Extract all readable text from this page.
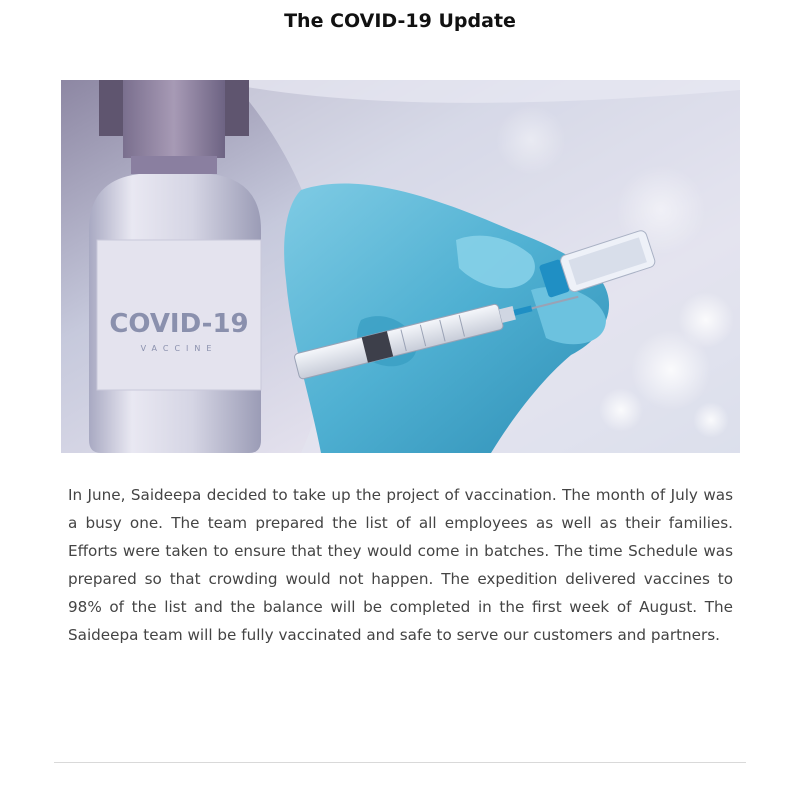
The COVID-19 Update
COVID-19
VACCINE

In June, Saideepa decided to take up the project of vaccination. The month of July was a busy one. The team prepared the list of all employees as well as their families. Efforts were taken to ensure that they would come in batches. The time Schedule was prepared so that crowding would not happen. The expedition delivered vaccines to 98% of the list and the balance will be completed in the first week of August. The Saideepa team will be fully vaccinated and safe to serve our customers and partners.
